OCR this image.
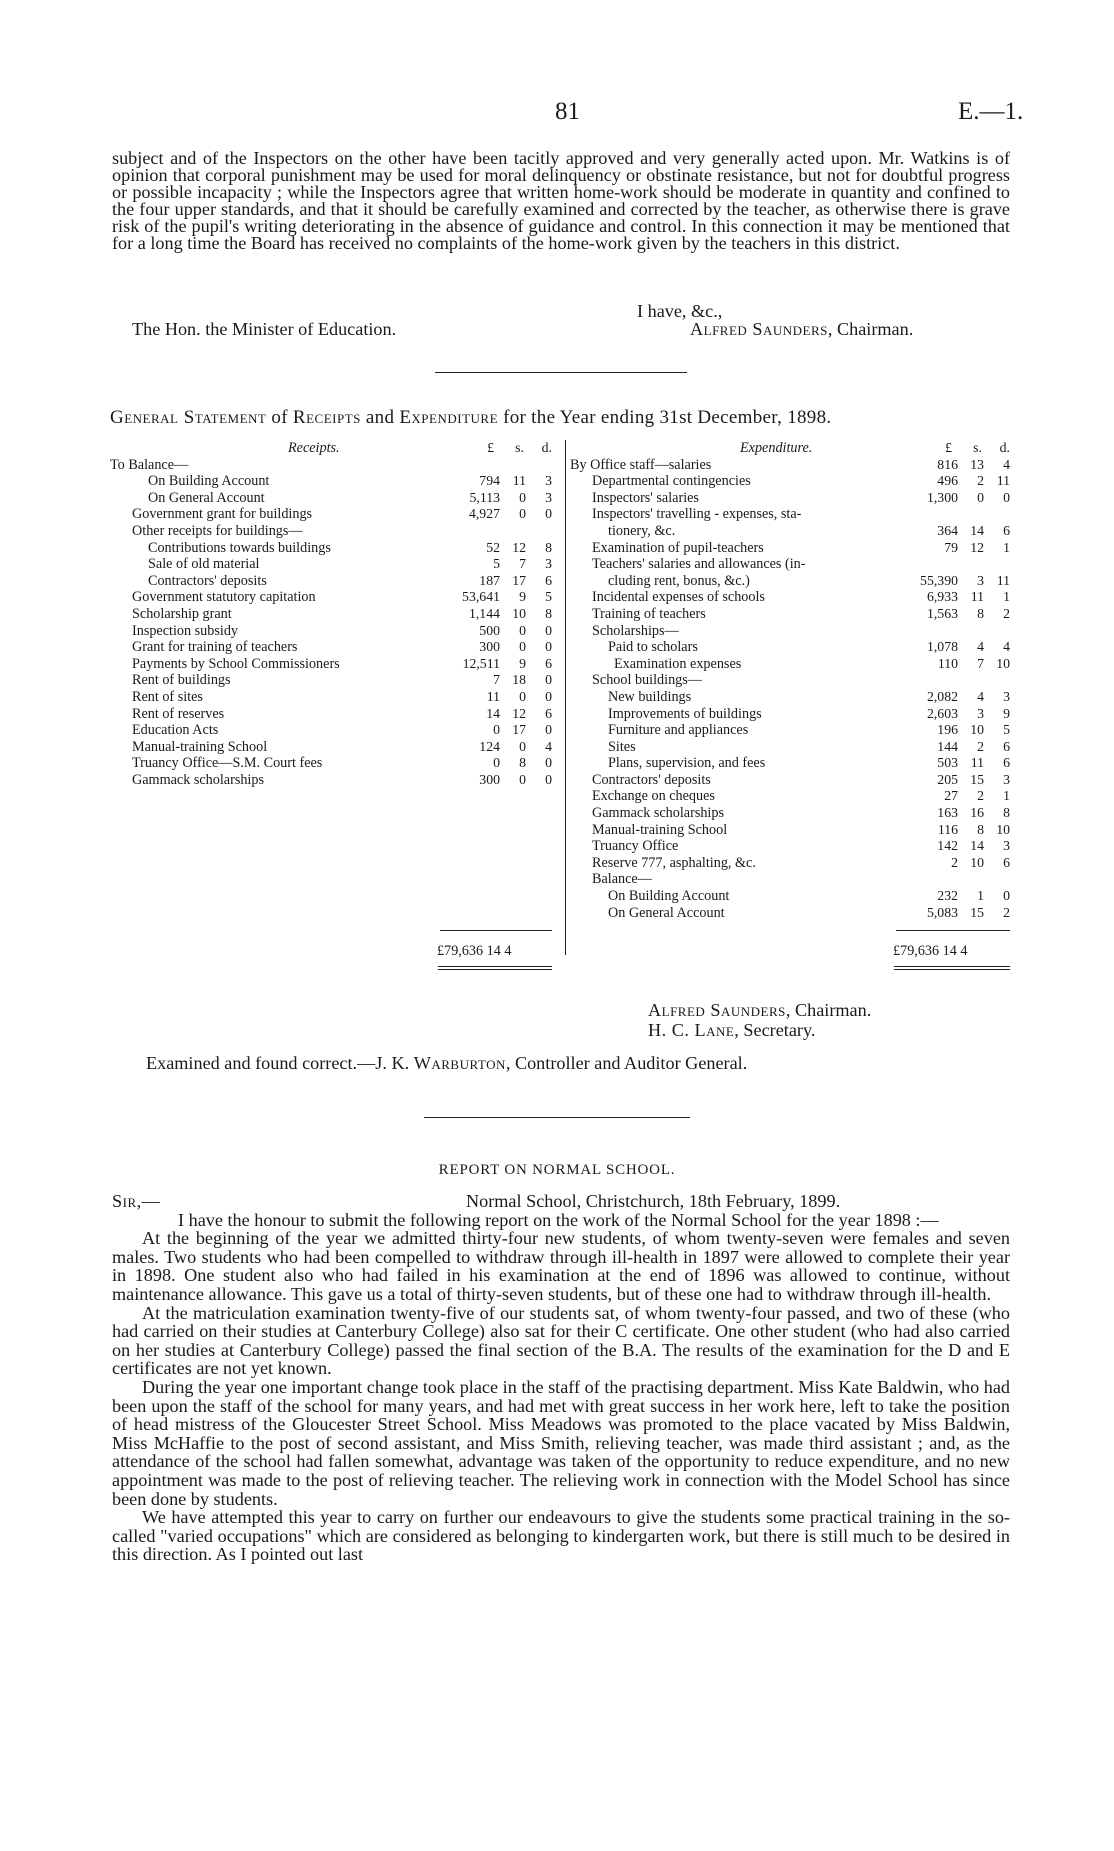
81	E.—1.

subject and of the Inspectors on the other have been tacitly approved and very generally acted upon. Mr. Watkins is of opinion that corporal punishment may be used for moral delinquency or obstinate resistance, but not for doubtful progress or possible incapacity ; while the Inspectors agree that written home-work should be moderate in quantity and confined to the four upper standards, and that it should be carefully examined and corrected by the teacher, as otherwise there is grave risk of the pupil's writing deteriorating in the absence of guidance and control. In this connection it may be mentioned that for a long time the Board has received no complaints of the home-work given by the teachers in this district.

I have, &c.,
The Hon. the Minister of Education.	Alfred Saunders, Chairman.
General Statement of Receipts and Expenditure for the Year ending 31st December, 1898.
Receipts.	£ s. d.
To Balance—
On Building Account	794 11 3
On General Account	5,113 0 3
Government grant for buildings	4,927 0 0
Other receipts for buildings—
Contributions towards buildings	52 12 8
Sale of old material	5 7 3
Contractors' deposits	187 17 6
Government statutory capitation	53,641 9 5
Scholarship grant	1,144 10 8
Inspection subsidy	500 0 0
Grant for training of teachers	300 0 0
Payments by School Commissioners	12,511 9 6
Rent of buildings	7 18 0
Rent of sites	11 0 0
Rent of reserves	14 12 6
Education Acts	0 17 0
Manual-training School	124 0 4
Truancy Office—S.M. Court fees	0 8 0
Gammack scholarships	300 0 0
Expenditure.	£ s. d.
By Office staff—salaries	816 13 4
Departmental contingencies	496 2 11
Inspectors' salaries	1,300 0 0
Inspectors' travelling - expenses, sta-
tionery, &c.	364 14 6
Examination of pupil-teachers	79 12 1
Teachers' salaries and allowances (in-
cluding rent, bonus, &c.)	55,390 3 11
Incidental expenses of schools	6,933 11 1
Training of teachers	1,563 8 2
Scholarships—
Paid to scholars	1,078 4 4
Examination expenses	110 7 10
School buildings—
New buildings	2,082 4 3
Improvements of buildings	2,603 3 9
Furniture and appliances	196 10 5
Sites	144 2 6
Plans, supervision, and fees	503 11 6
Contractors' deposits	205 15 3
Exchange on cheques	27 2 1
Gammack scholarships	163 16 8
Manual-training School	116 8 10
Truancy Office	142 14 3
Reserve 777, asphalting, &c.	2 10 6
Balance—
On Building Account	232 1 0
On General Account	5,083 15 2
£79,636 14 4	£79,636 14 4
Alfred Saunders, Chairman.
H. C. Lane, Secretary.
Examined and found correct.—J. K. Warburton, Controller and Auditor General.
REPORT ON NORMAL SCHOOL.
Sir,—	Normal School, Christchurch, 18th February, 1899.

I have the honour to submit the following report on the work of the Normal School for the year 1898 :—

At the beginning of the year we admitted thirty-four new students, of whom twenty-seven were females and seven males. Two students who had been compelled to withdraw through ill-health in 1897 were allowed to complete their year in 1898. One student also who had failed in his examination at the end of 1896 was allowed to continue, without maintenance allowance. This gave us a total of thirty-seven students, but of these one had to withdraw through ill-health.

At the matriculation examination twenty-five of our students sat, of whom twenty-four passed, and two of these (who had carried on their studies at Canterbury College) also sat for their C certificate. One other student (who had also carried on her studies at Canterbury College) passed the final section of the B.A. The results of the examination for the D and E certificates are not yet known.

During the year one important change took place in the staff of the practising department. Miss Kate Baldwin, who had been upon the staff of the school for many years, and had met with great success in her work here, left to take the position of head mistress of the Gloucester Street School. Miss Meadows was promoted to the place vacated by Miss Baldwin, Miss McHaffie to the post of second assistant, and Miss Smith, relieving teacher, was made third assistant ; and, as the attendance of the school had fallen somewhat, advantage was taken of the opportunity to reduce expenditure, and no new appointment was made to the post of relieving teacher. The relieving work in connection with the Model School has since been done by students.

We have attempted this year to carry on further our endeavours to give the students some practical training in the so-called "varied occupations" which are considered as belonging to kindergarten work, but there is still much to be desired in this direction. As I pointed out last
